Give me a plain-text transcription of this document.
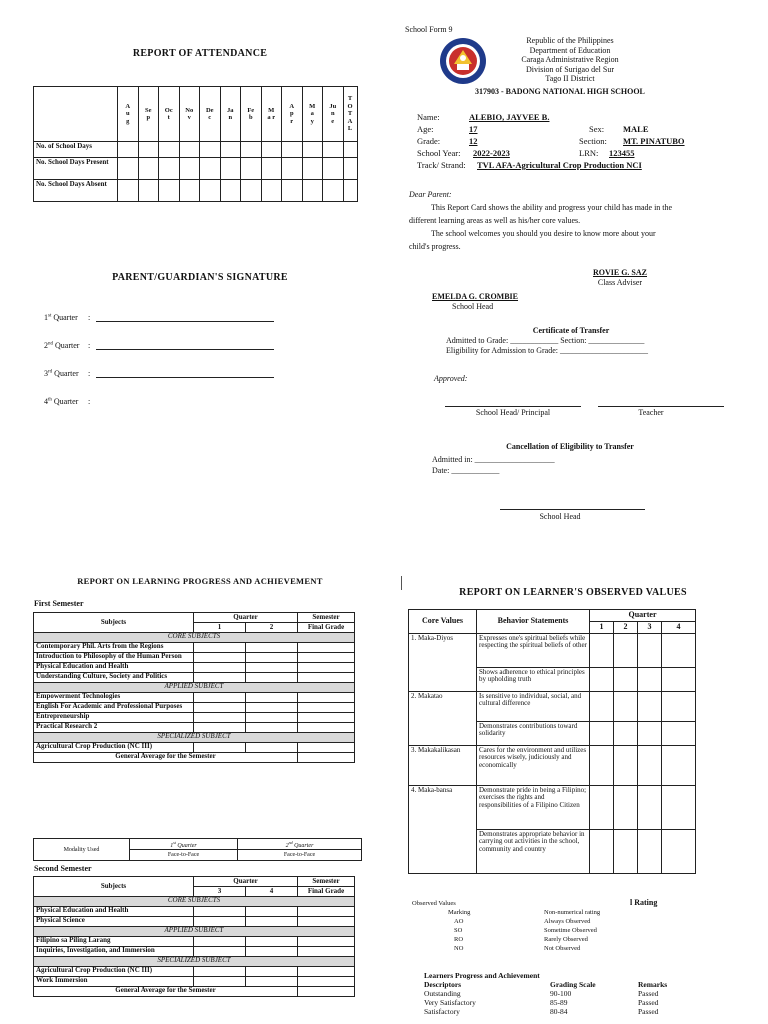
REPORT OF ATTENDANCE
	Au g	Se p	Oc t	No v	De c	Ja n	Fe b	Ma r	Ap r	Ma y	Jun e	T O T A L
No. of School Days												
No. School Days Present												
No. School Days Absent												
PARENT/GUARDIAN'S SIGNATURE
1st Quarter	:
2nd Quarter	:
3rd Quarter	:
4th Quarter	:
School Form 9
Republic of the Philippines
Department of Education
Caraga Administrative Region
Division of Surigao del Sur
Tago II District
317903 - BADONG NATIONAL HIGH SCHOOL
Name:	ALEBIO, JAYVEE B.
Age:	17	Sex:	MALE
Grade:	12	Section:	MT. PINATUBO
School Year:	2022-2023	LRN:	123455
Track/ Strand:	TVL AFA-Agricultural Crop Production NCI
Dear Parent:
This Report Card shows the ability and progress your child has made in the
different learning areas as well as his/her core values.
The school welcomes you should you desire to know more about your
child's progress.
ROVIE G. SAZ
Class Adviser
EMELDA G. CROMBIE
School Head
Certificate of Transfer
Admitted to Grade: ____________ Section: ______________
Eligibility for Admission to Grade: ______________________
Approved:
School Head/ Principal	Teacher
Cancellation of Eligibility to Transfer
Admitted in: ____________________
Date: ____________
School Head
REPORT ON LEARNING PROGRESS AND ACHIEVEMENT
First Semester
Subjects	Quarter		Semester
	1	2	Final Grade
CORE SUBJECTS			
Contemporary Phil. Arts from the Regions			
Introduction to Philosophy of the Human Person			
Physical Education and Health			
Understanding Culture, Society and Politics			
APPLIED SUBJECT			
Empowerment Technologies			
English For Academic and Professional Purposes			
Entrepreneurship			
Practical Research 2			
SPECIALIZED SUBJECT			
Agricultural Crop Production (NC III)			
General Average for the Semester			
Modality Used	1st Quarter	2nd Quarter
	Face-to-Face	Face-to-Face
Second Semester
Subjects	Quarter		Semester
	3	4	Final Grade
CORE SUBJECTS			
Physical Education and Health			
Physical Science			
APPLIED SUBJECT			
Filipino sa Piling Larang			
Inquiries, Investigation, and Immersion			
SPECIALIZED SUBJECT			
Agricultural Crop Production (NC III)			
Work Immersion			
General Average for the Semester			
REPORT ON LEARNER'S OBSERVED VALUES
Core Values	Behavior Statements	Quarter			
		1	2	3	4
1. Maka-Diyos	Expresses one's spiritual beliefs while respecting the spiritual beliefs of other				
	Shows adherence to ethical principles by upholding truth				
2. Makatao	Is sensitive to individual, social, and cultural difference				
	Demonstrates contributions toward solidarity				
3. Makakalikasan	Cares for the environment and utilizes resources wisely, judiciously and economically				
4. Maka-bansa	Demonstrate pride in being a Filipino; exercises the rights and responsibilities of a Filipino Citizen				
	Demonstrates appropriate behavior in carrying out activities in the school, community and country				
Observed Values	l Rating
Marking	Non-numerical rating
AO	Always Observed
SO	Sometime Observed
RO	Rarely Observed
NO	Not Observed
Learners Progress and Achievement
Descriptors	Grading Scale	Remarks
Outstanding	90-100	Passed
Very Satisfactory	85-89	Passed
Satisfactory	80-84	Passed
